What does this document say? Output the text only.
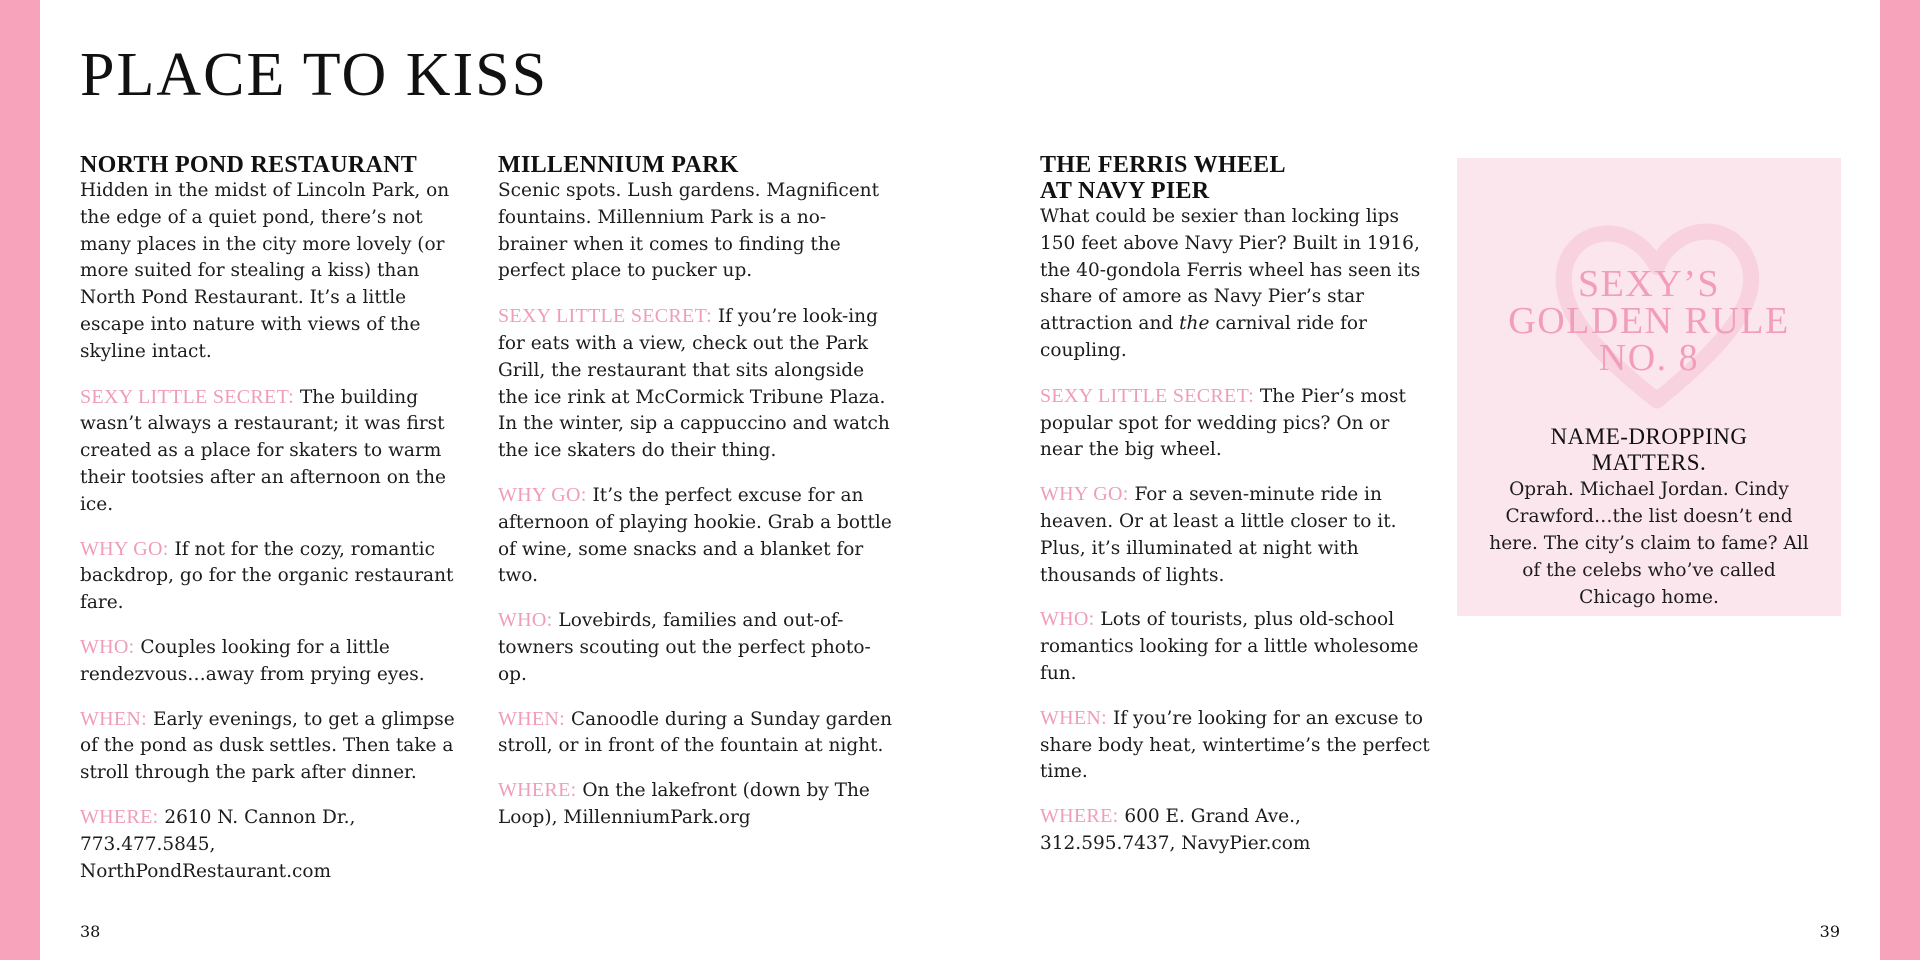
PLACE TO KISS
NORTH POND RESTAURANT

Hidden in the midst of Lincoln Park, on the edge of a quiet pond, there’s not many places in the city more lovely (or more suited for stealing a kiss) than North Pond Restaurant. It’s a little escape into nature with views of the skyline intact.

SEXY LITTLE SECRET: The building wasn’t always a restaurant; it was first created as a place for skaters to warm their tootsies after an afternoon on the ice.

WHY GO: If not for the cozy, romantic backdrop, go for the organic restaurant fare.

WHO: Couples looking for a little rendezvous…away from prying eyes.

WHEN: Early evenings, to get a glimpse of the pond as dusk settles. Then take a stroll through the park after dinner.

WHERE: 2610 N. Cannon Dr., 773.477.5845, NorthPondRestaurant.com

MILLENNIUM PARK

Scenic spots. Lush gardens. Magnificent fountains. Millennium Park is a no-brainer when it comes to finding the perfect place to pucker up.

SEXY LITTLE SECRET: If you’re look-ing for eats with a view, check out the Park Grill, the restaurant that sits alongside the ice rink at McCormick Tribune Plaza. In the winter, sip a cappuccino and watch the ice skaters do their thing.

WHY GO: It’s the perfect excuse for an afternoon of playing hookie. Grab a bottle of wine, some snacks and a blanket for two.

WHO: Lovebirds, families and out-of-towners scouting out the perfect photo-op.

WHEN: Canoodle during a Sunday garden stroll, or in front of the fountain at night.

WHERE: On the lakefront (down by The Loop), MillenniumPark.org

THE FERRIS WHEEL
AT NAVY PIER

What could be sexier than locking lips 150 feet above Navy Pier? Built in 1916, the 40-gondola Ferris wheel has seen its share of amore as Navy Pier’s star attraction and the carnival ride for coupling.

SEXY LITTLE SECRET: The Pier’s most popular spot for wedding pics? On or near the big wheel.

WHY GO: For a seven-minute ride in heaven. Or at least a little closer to it. Plus, it’s illuminated at night with thousands of lights.

WHO: Lots of tourists, plus old-school romantics looking for a little wholesome fun.

WHEN: If you’re looking for an excuse to share body heat, wintertime’s the perfect time.

WHERE: 600 E. Grand Ave., 312.595.7437, NavyPier.com

SEXY’S
GOLDEN RULE
NO. 8
NAME-DROPPING
MATTERS.

Oprah. Michael Jordan. Cindy Crawford…the list doesn’t end here. The city’s claim to fame? All of the celebs who’ve called Chicago home.

38	39
